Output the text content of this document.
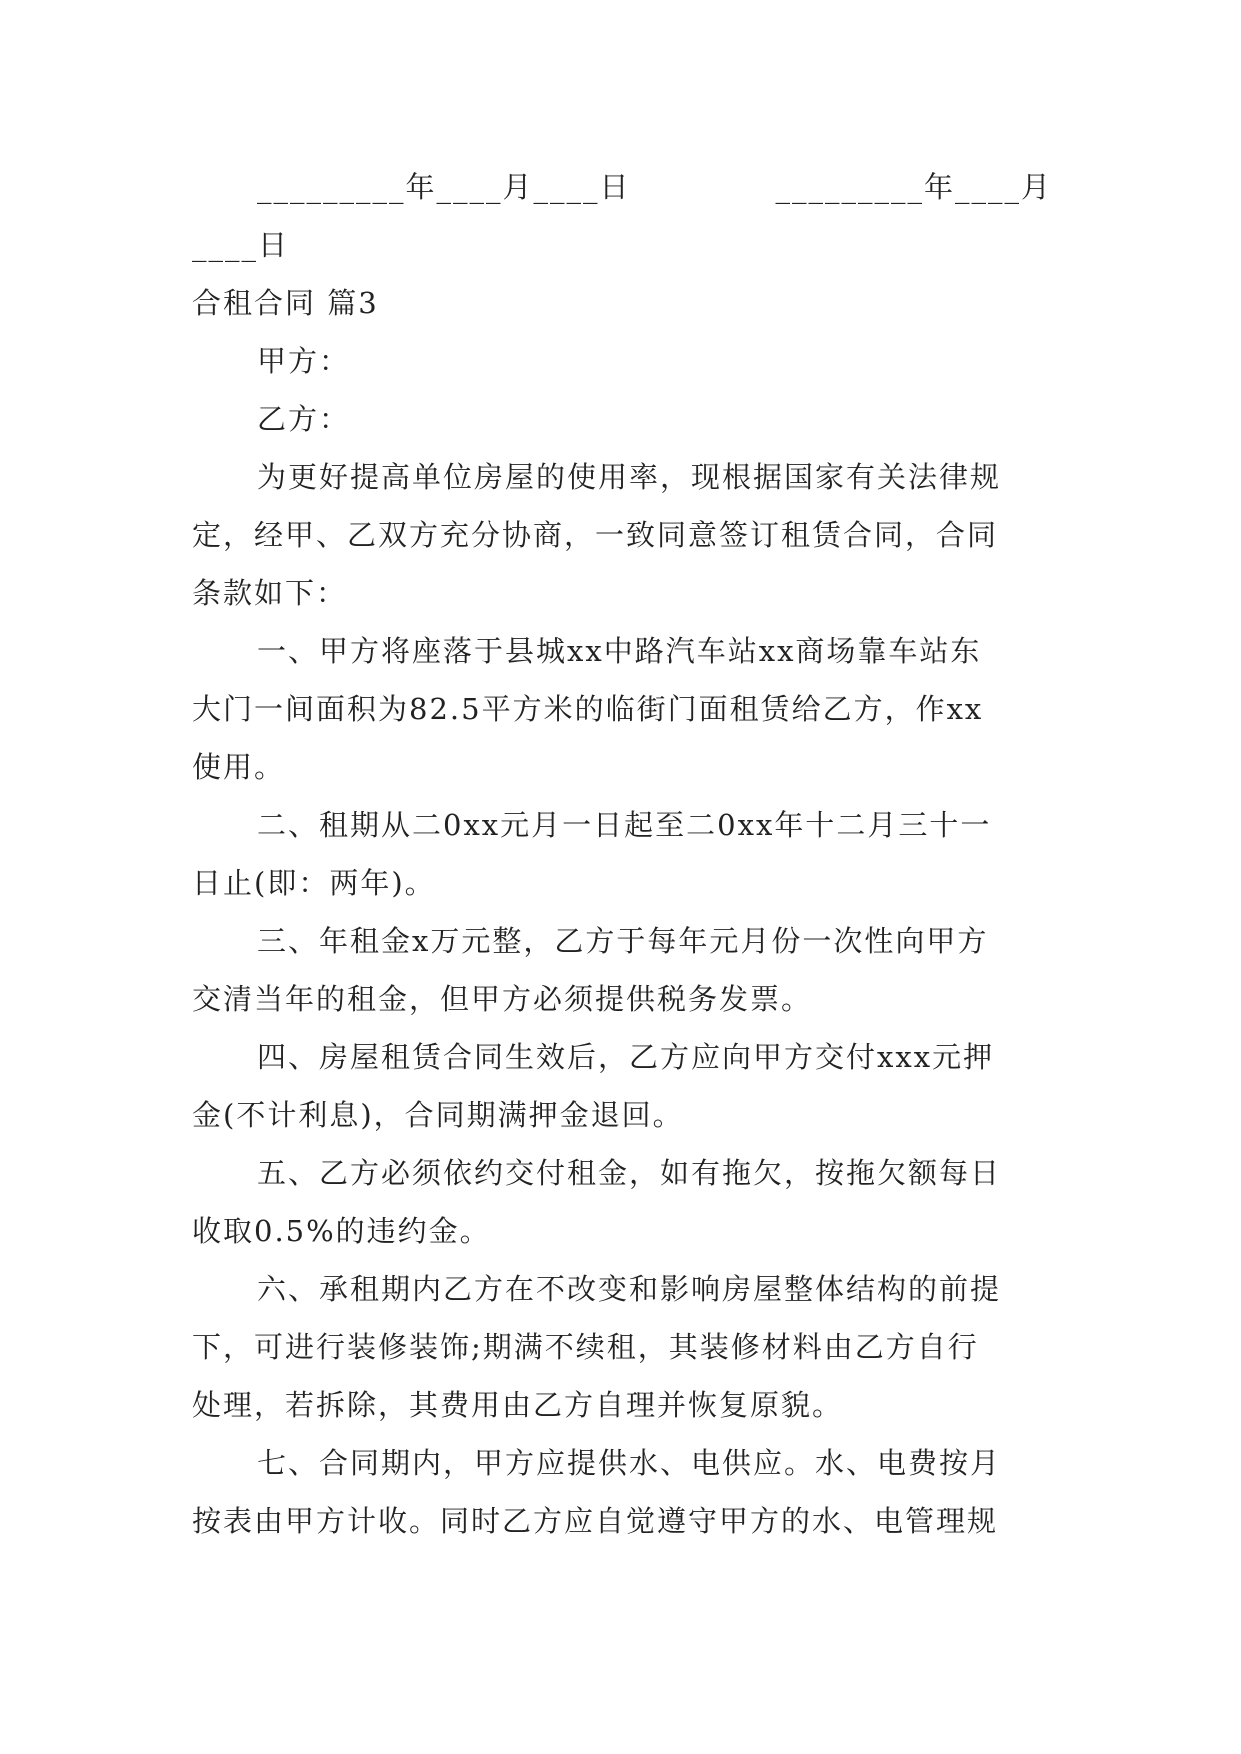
_________年____月____日	_________年____月
____日
合租合同 篇3
甲方：
乙方：
为更好提高单位房屋的使用率，现根据国家有关法律规
定，经甲、乙双方充分协商，一致同意签订租赁合同，合同
条款如下：
一、甲方将座落于县城xx中路汽车站xx商场靠车站东
大门一间面积为82.5平方米的临街门面租赁给乙方，作xx
使用。
二、租期从二0xx元月一日起至二0xx年十二月三十一
日止(即：两年)。
三、年租金x万元整，乙方于每年元月份一次性向甲方
交清当年的租金，但甲方必须提供税务发票。
四、房屋租赁合同生效后，乙方应向甲方交付xxx元押
金(不计利息)，合同期满押金退回。
五、乙方必须依约交付租金，如有拖欠，按拖欠额每日
收取0.5%的违约金。
六、承租期内乙方在不改变和影响房屋整体结构的前提
下，可进行装修装饰;期满不续租，其装修材料由乙方自行
处理，若拆除，其费用由乙方自理并恢复原貌。
七、合同期内，甲方应提供水、电供应。水、电费按月
按表由甲方计收。同时乙方应自觉遵守甲方的水、电管理规
